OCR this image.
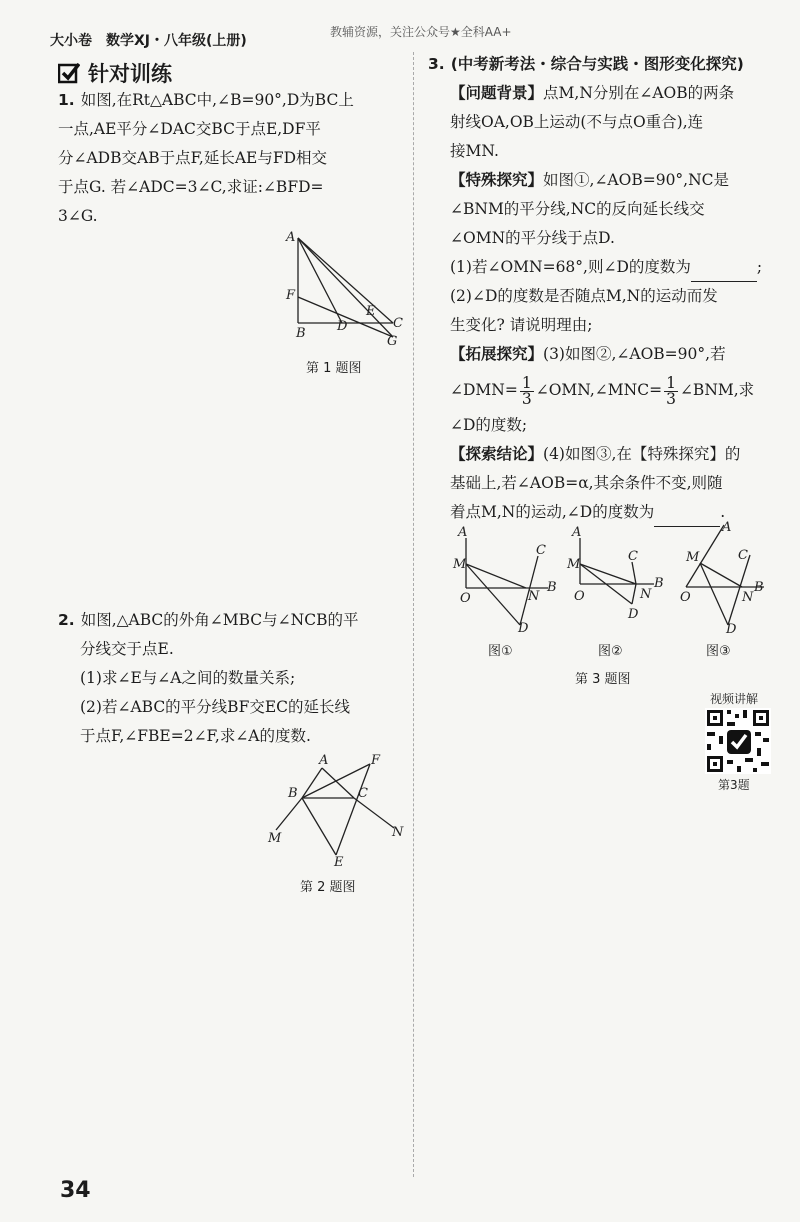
大小卷　数学XJ・八年级(上册)
教辅资源，关注公众号★全科AA+
针对训练
1. 如图,在Rt△ABC中,∠B=90°,D为BC上
一点,AE平分∠DAC交BC于点E,DF平
分∠ADB交AB于点F,延长AE与FD相交
于点G. 若∠ADC=3∠C,求证:∠BFD=
3∠G.
A
F
B D
E
C
G
第 1 题图
2. 如图,△ABC的外角∠MBC与∠NCB的平
分线交于点E.
(1)求∠E与∠A之间的数量关系;
(2)若∠ABC的平分线BF交EC的延长线
于点F,∠FBE=2∠F,求∠A的度数.
A	F
B	C
M	N
E
第 2 题图
3. (中考新考法・综合与实践・图形变化探究)
【问题背景】点M,N分别在∠AOB的两条
射线OA,OB上运动(不与点O重合),连
接MN.
【特殊探究】如图①,∠AOB=90°,NC是
∠BNM的平分线,NC的反向延长线交
∠OMN的平分线于点D.
(1)若∠OMN=68°,则∠D的度数为	;
(2)∠D的度数是否随点M,N的运动而发
生变化? 请说明理由;
【拓展探究】(3)如图②,∠AOB=90°,若
∠DMN= $\frac{1}{3}$ ∠OMN,∠MNC= $\frac{1}{3}$ ∠BNM,求
∠D的度数;
【探索结论】(4)如图③,在【特殊探究】的
基础上,若∠AOB=α,其余条件不变,则随
着点M,N的运动,∠D的度数为	.
A
M
O	N
B
C
D
A
M
O	N
B
C
D
A
M
O	N
B
C
D
图①	图②	图③
第 3 题图
视频讲解
第3题
34
